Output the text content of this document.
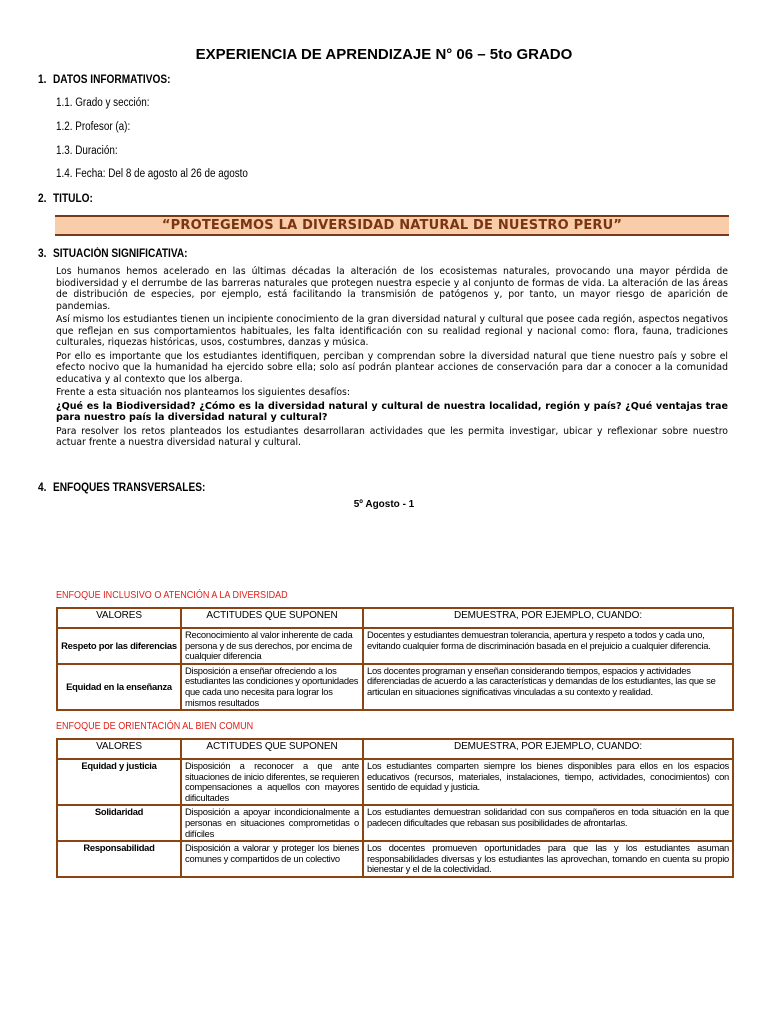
EXPERIENCIA DE APRENDIZAJE N° 06 – 5to GRADO
1. DATOS INFORMATIVOS:
1.1. Grado y sección:
1.2. Profesor (a):
1.3. Duración:
1.4. Fecha: Del 8 de agosto al 26 de agosto
2. TITULO:
“PROTEGEMOS LA DIVERSIDAD NATURAL DE NUESTRO PERU”
3. SITUACIÓN SIGNIFICATIVA:

Los humanos hemos acelerado en las últimas décadas la alteración de los ecosistemas naturales, provocando una mayor pérdida de biodiversidad y el derrumbe de las barreras naturales que protegen nuestra especie y al conjunto de formas de vida. La alteración de las áreas de distribución de especies, por ejemplo, está facilitando la transmisión de patógenos y, por tanto, un mayor riesgo de aparición de pandemias.

Así mismo los estudiantes tienen un incipiente conocimiento de la gran diversidad natural y cultural que posee cada región, aspectos negativos que reflejan en sus comportamientos habituales, les falta identificación con su realidad regional y nacional como: flora, fauna, tradiciones culturales, riquezas históricas, usos, costumbres, danzas y música.

Por ello es importante que los estudiantes identifiquen, perciban y comprendan sobre la diversidad natural que tiene nuestro país y sobre el efecto nocivo que la humanidad ha ejercido sobre ella; solo así podrán plantear acciones de conservación para dar a conocer a la comunidad educativa y al contexto que los alberga.

Frente a esta situación nos planteamos los siguientes desafíos:

¿Qué es la Biodiversidad? ¿Cómo es la diversidad natural y cultural de nuestra localidad, región y país? ¿Qué ventajas trae para nuestro país la diversidad natural y cultural?

Para resolver los retos planteados los estudiantes desarrollaran actividades que les permita investigar, ubicar y reflexionar sobre nuestro actuar frente a nuestra diversidad natural y cultural.

4. ENFOQUES TRANSVERSALES:
5º Agosto - 1
ENFOQUE INCLUSIVO O ATENCIÓN A LA DIVERSIDAD
VALORES	ACTITUDES QUE SUPONEN	DEMUESTRA, POR EJEMPLO, CUANDO:
Respeto por las diferencias	Reconocimiento al valor inherente de cada persona y de sus derechos, por encima de cualquier diferencia	Docentes y estudiantes demuestran tolerancia, apertura y respeto a todos y cada uno, evitando cualquier forma de discriminación basada en el prejuicio a cualquier diferencia.
Equidad en la enseñanza	Disposición a enseñar ofreciendo a los estudiantes las condiciones y oportunidades que cada uno necesita para lograr los mismos resultados	Los docentes programan y enseñan considerando tiempos, espacios y actividades diferenciadas de acuerdo a las características y demandas de los estudiantes, las que se articulan en situaciones significativas vinculadas a su contexto y realidad.
ENFOQUE DE ORIENTACIÓN AL BIEN COMUN
VALORES	ACTITUDES QUE SUPONEN	DEMUESTRA, POR EJEMPLO, CUANDO:
Equidad y justicia	Disposición a reconocer a que ante situaciones de inicio diferentes, se requieren compensaciones a aquellos con mayores dificultades	Los estudiantes comparten siempre los bienes disponibles para ellos en los espacios educativos (recursos, materiales, instalaciones, tiempo, actividades, conocimientos) con sentido de equidad y justicia.
Solidaridad	Disposición a apoyar incondicionalmente a personas en situaciones comprometidas o difíciles	Los estudiantes demuestran solidaridad con sus compañeros en toda situación en la que padecen dificultades que rebasan sus posibilidades de afrontarlas.
Responsabilidad	Disposición a valorar y proteger los bienes comunes y compartidos de un colectivo	Los docentes promueven oportunidades para que las y los estudiantes asuman responsabilidades diversas y los estudiantes las aprovechan, tomando en cuenta su propio bienestar y el de la colectividad.
